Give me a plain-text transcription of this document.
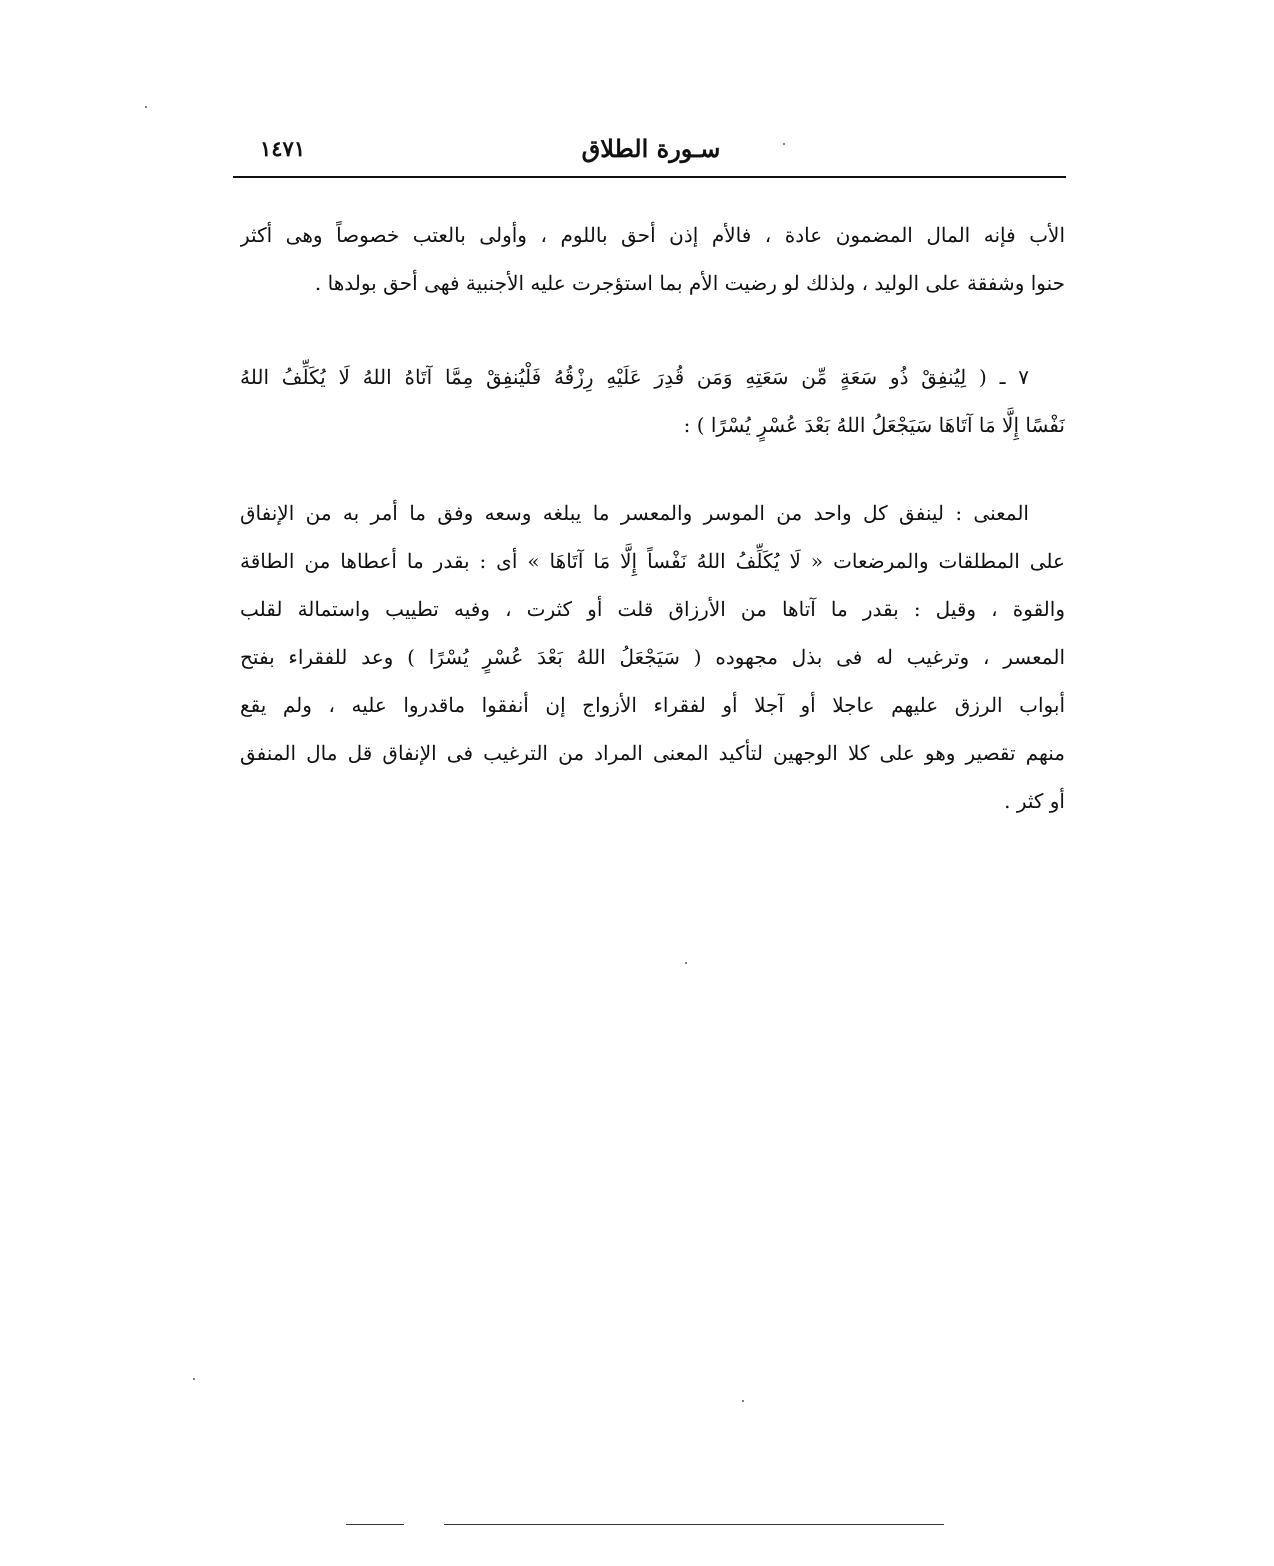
١٤٧١	سـورة الطلاق

الأب فإنه المال المضمون عادة ، فالأم إذن أحق باللوم ، وأولى بالعتب خصوصاً وهى أكثر
حنوا وشفقة على الوليد ، ولذلك لو رضيت الأم بما استؤجرت عليه الأجنبية فهى أحق بولدها .

٧ ـ ( لِيُنفِقْ ذُو سَعَةٍ مِّن سَعَتِهِ وَمَن قُدِرَ عَلَيْهِ رِزْقُهُ فَلْيُنفِقْ مِمَّا آتَاهُ اللهُ لَا يُكَلِّفُ اللهُ
نَفْسًا إِلَّا مَا آتَاهَا سَيَجْعَلُ اللهُ بَعْدَ عُسْرٍ يُسْرًا ) :

المعنى : لينفق كل واحد من الموسر والمعسر ما يبلغه وسعه وفق ما أمر به من الإنفاق
على المطلقات والمرضعات « لَا يُكَلِّفُ اللهُ نَفْساً إِلَّا مَا آتَاهَا » أى : بقدر ما أعطاها من الطاقة
والقوة ، وقيل : بقدر ما آتاها من الأرزاق قلت أو كثرت ، وفيه تطييب واستمالة لقلب
المعسر ، وترغيب له فى بذل مجهوده ( سَيَجْعَلُ اللهُ بَعْدَ عُسْرٍ يُسْرًا ) وعد للفقراء بفتح
أبواب الرزق عليهم عاجلا أو آجلا أو لفقراء الأزواج إن أنفقوا ماقدروا عليه ، ولم يقع
منهم تقصير وهو على كلا الوجهين لتأكيد المعنى المراد من الترغيب فى الإنفاق قل مال المنفق
أو كثر .
